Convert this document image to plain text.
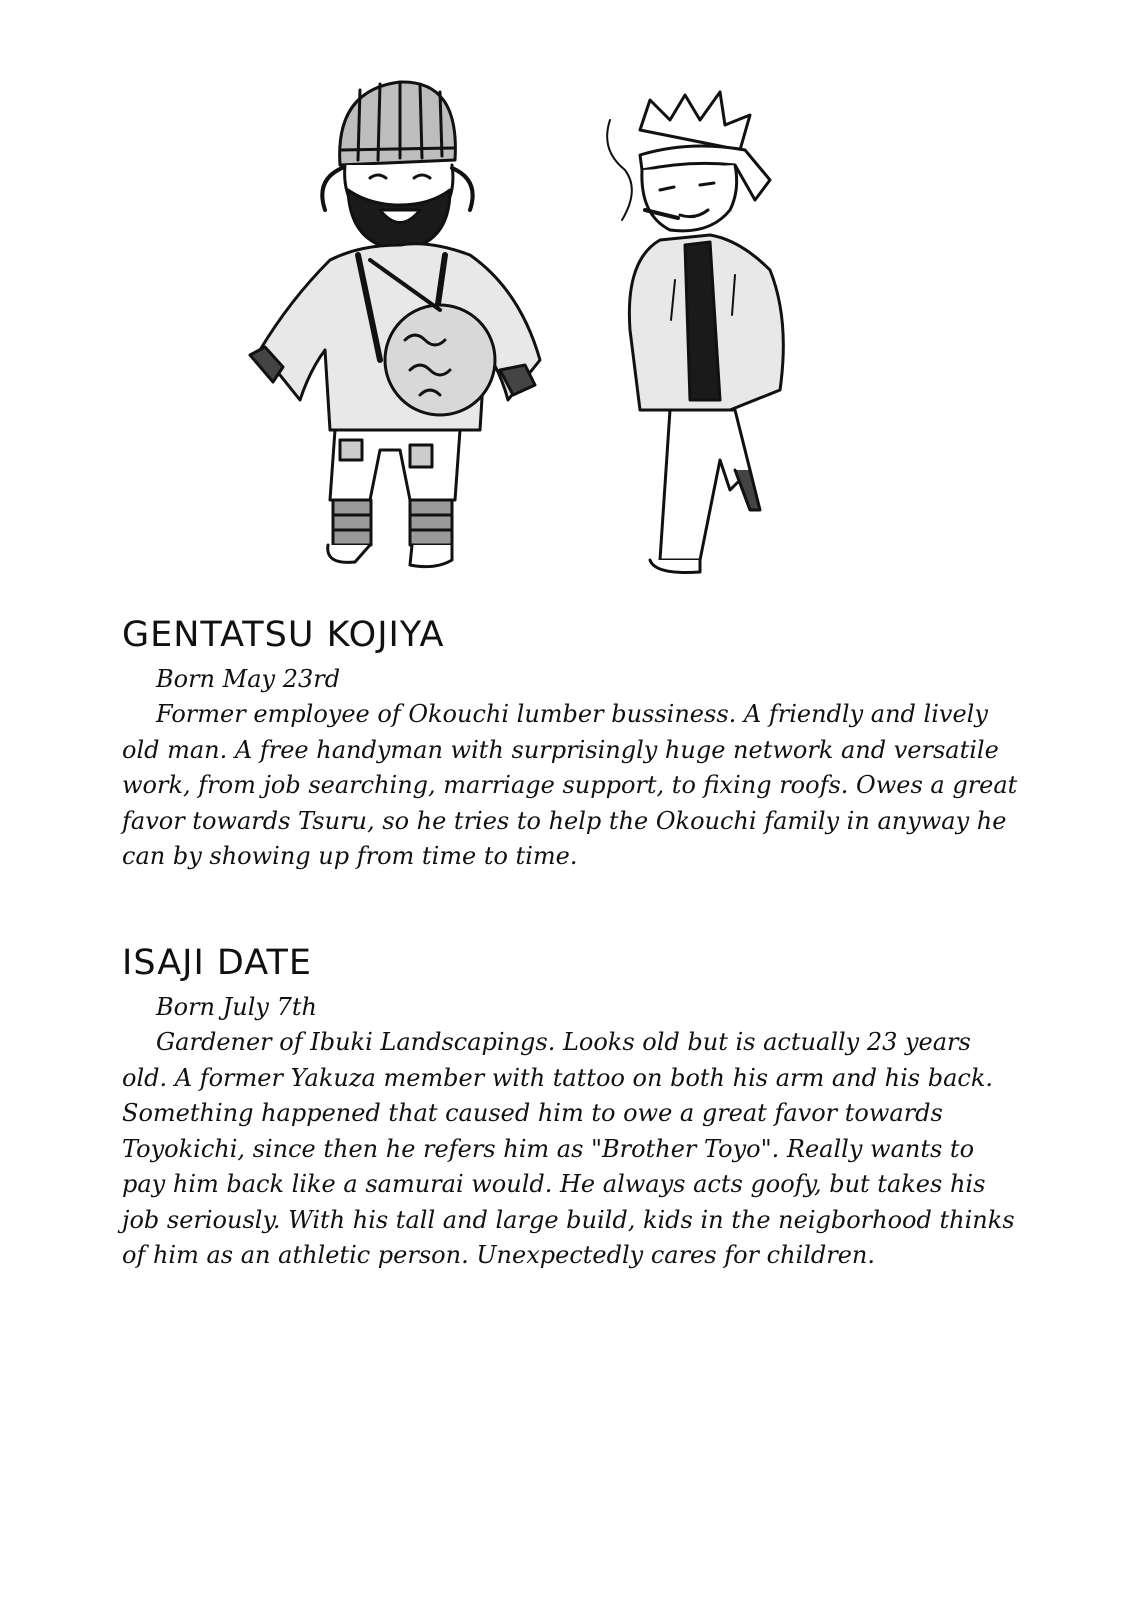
GENTATSU KOJIYA

Born May 23rd

Former employee of Okouchi lumber bussiness. A friendly and lively old man. A free handyman with surprisingly huge network and versatile work, from job searching, marriage support, to fixing roofs. Owes a great favor towards Tsuru, so he tries to help the Okouchi family in anyway he can by showing up from time to time.

ISAJI DATE

Born July 7th

Gardener of Ibuki Landscapings. Looks old but is actually 23 years old. A former Yakuza member with tattoo on both his arm and his back. Something happened that caused him to owe a great favor towards Toyokichi, since then he refers him as "Brother Toyo". Really wants to pay him back like a samurai would. He always acts goofy, but takes his job seriously. With his tall and large build, kids in the neigborhood thinks of him as an athletic person. Unexpectedly cares for children.
